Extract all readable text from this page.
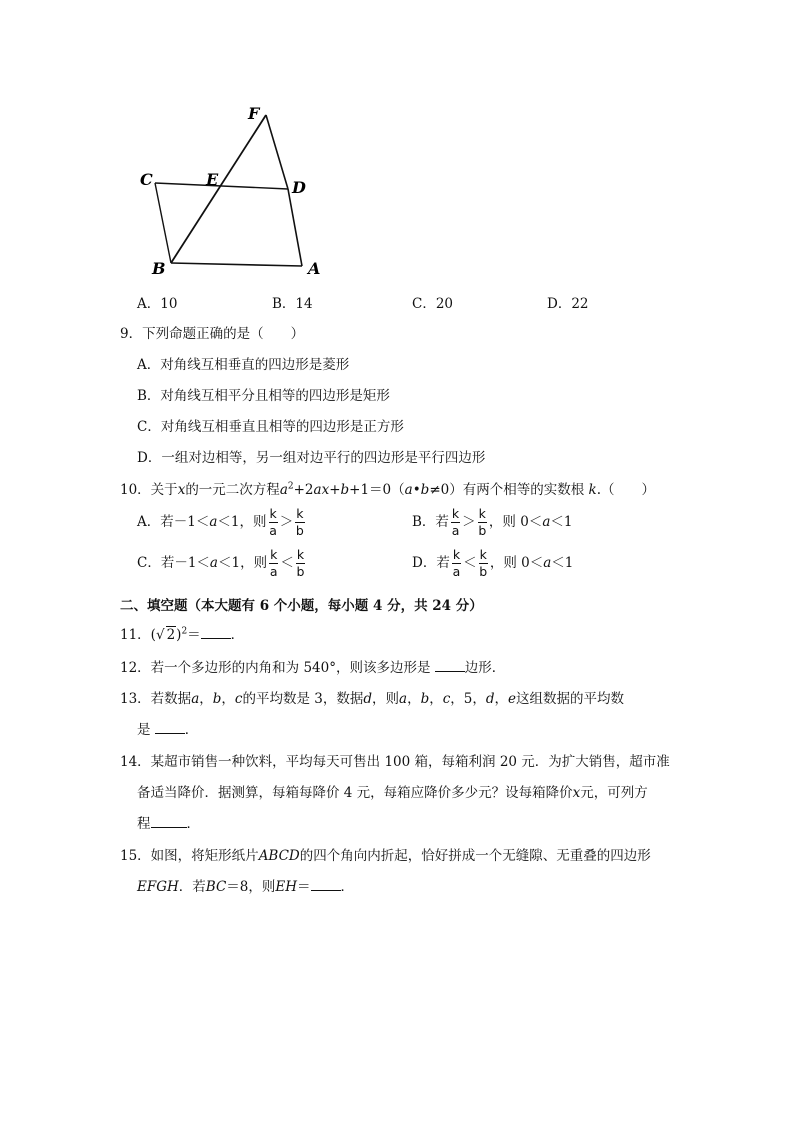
F
C	E	D
B	A
A．10	B．14	C．20	D．22
9．下列命题正确的是（　　）
A．对角线互相垂直的四边形是菱形
B．对角线互相平分且相等的四边形是矩形
C．对角线互相垂直且相等的四边形是正方形
D．一组对边相等，另一组对边平行的四边形是平行四边形
10．关于x的一元二次方程$a^2+2ax+b+1=0(a•b\ne 0)$有两个相等的实数根 k.（　　）
A．若－1＜a＜1，则 $\frac{k}{a} > \frac{k}{b}$	B．若 $\frac{k}{a} > \frac{k}{b}$ ，则 0＜a＜1
C．若－1＜a＜1，则 $\frac{k}{a} < \frac{k}{b}$	D．若 $\frac{k}{a} < \frac{k}{b}$ ，则 0＜a＜1
二、填空题（本大题有 6 个小题，每小题 4 分，共 24 分）
11．(√ 2)$^2$＝ ．
12．若一个多边形的内角和为 540°，则该多边形是 边形．
13．若数据a，b，c的平均数是 3，数据d，则a，b，c，5，d，e这组数据的平均数
是 ．
14．某超市销售一种饮料，平均每天可售出 100 箱，每箱利润 20 元．为扩大销售，超市准
备适当降价．据测算，每箱每降价 4 元，每箱应降价多少元？设每箱降价x元，可列方
程	．
15．如图，将矩形纸片ABCD的四个角向内折起，恰好拼成一个无缝隙、无重叠的四边形
EFGH．若BC＝8，则EH＝ ．
